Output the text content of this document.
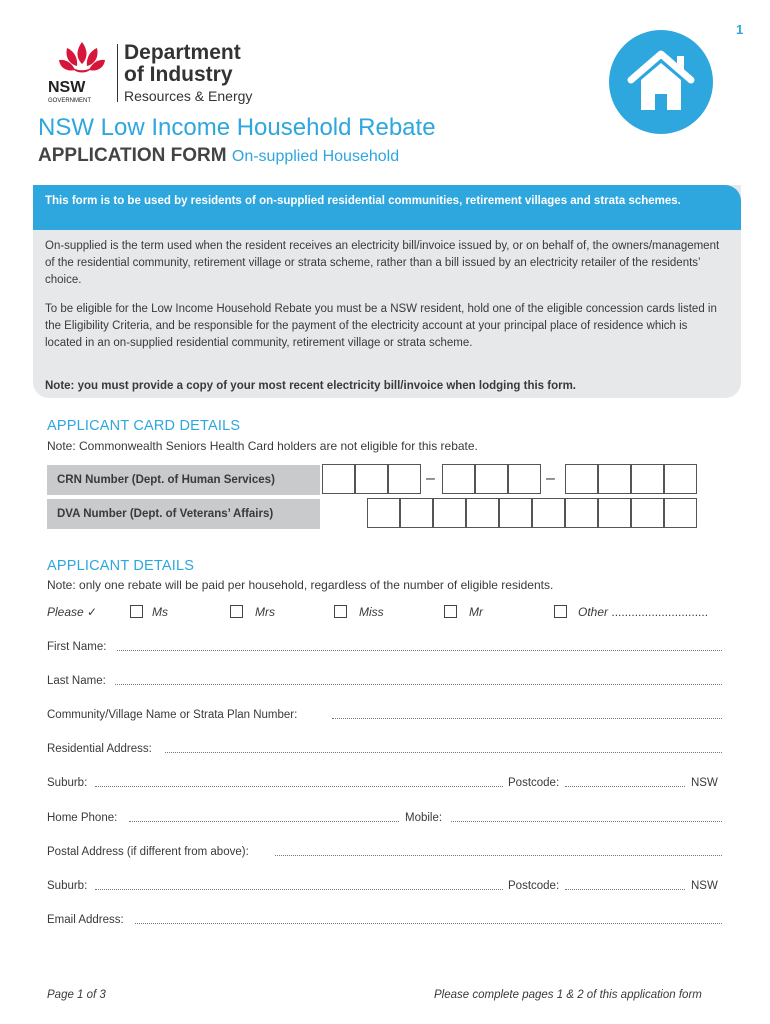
1
NSW
GOVERNMENT
Department
of Industry
Resources & Energy
NSW Low Income Household Rebate
APPLICATION FORM On-supplied Household
This form is to be used by residents of on-supplied residential communities, retirement villages and strata schemes.

On-supplied is the term used when the resident receives an electricity bill/invoice issued by, or on behalf of, the owners/management of the residential community, retirement village or strata scheme, rather than a bill issued by an electricity retailer of the residents’ choice.

To be eligible for the Low Income Household Rebate you must be a NSW resident, hold one of the eligible concession cards listed in the Eligibility Criteria, and be responsible for the payment of the electricity account at your principal place of residence which is located in an on-supplied residential community, retirement village or strata scheme.

Note: you must provide a copy of your most recent electricity bill/invoice when lodging this form.
APPLICANT CARD DETAILS
Note: Commonwealth Seniors Health Card holders are not eligible for this rebate.
CRN Number (Dept. of Human Services)	–	–
DVA Number (Dept. of Veterans’ Affairs)
APPLICANT DETAILS
Note: only one rebate will be paid per household, regardless of the number of eligible residents.
Please ✓	Ms	Mrs	Miss	Mr	Other .............................
First Name:
Last Name:
Community/Village Name or Strata Plan Number:
Residential Address:
Suburb:	Postcode:	NSW
Home Phone:	Mobile:
Postal Address (if different from above):
Suburb:	Postcode:	NSW
Email Address:
Page 1 of 3	Please complete pages 1 & 2 of this application form
